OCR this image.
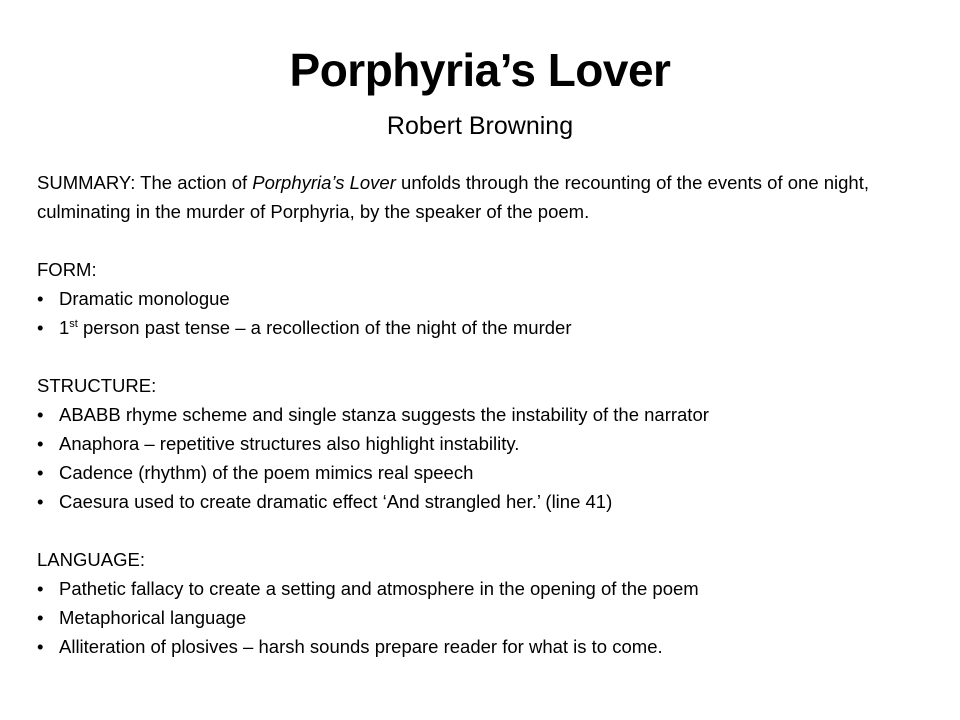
Porphyria’s Lover
Robert Browning

SUMMARY: The action of Porphyria’s Lover unfolds through the recounting of the events of one night, culminating in the murder of Porphyria, by the speaker of the poem.

FORM:

• Dramatic monologue
• 1st person past tense – a recollection of the night of the murder

STRUCTURE:

• ABABB rhyme scheme and single stanza suggests the instability of the narrator
• Anaphora – repetitive structures also highlight instability.
• Cadence (rhythm) of the poem mimics real speech
• Caesura used to create dramatic effect ‘And strangled her.’ (line 41)

LANGUAGE:

• Pathetic fallacy to create a setting and atmosphere in the opening of the poem
• Metaphorical language
• Alliteration of plosives – harsh sounds prepare reader for what is to come.
